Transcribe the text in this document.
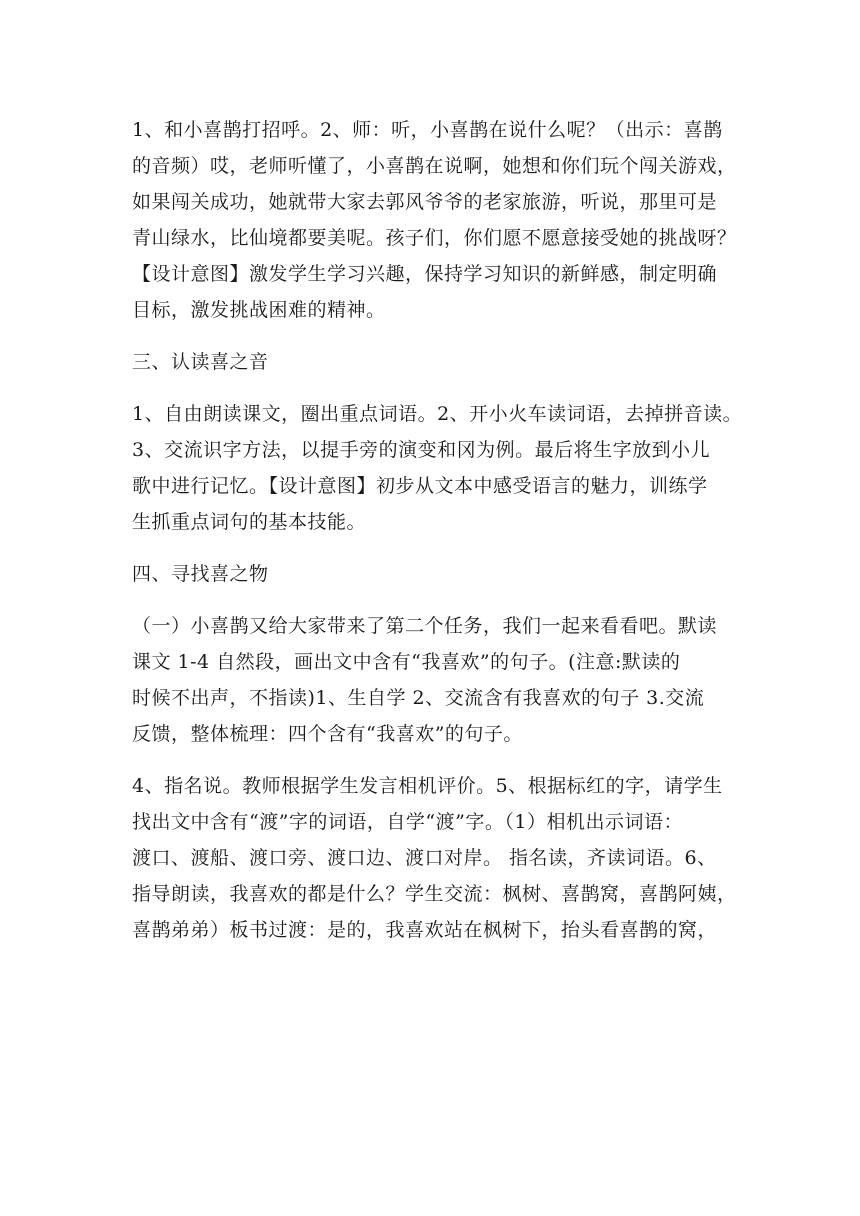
1、和小喜鹊打招呼。2、师：听，小喜鹊在说什么呢？（出示：喜鹊
的音频）哎，老师听懂了，小喜鹊在说啊，她想和你们玩个闯关游戏，
如果闯关成功，她就带大家去郭风爷爷的老家旅游，听说，那里可是
青山绿水，比仙境都要美呢。孩子们，你们愿不愿意接受她的挑战呀？
【设计意图】激发学生学习兴趣，保持学习知识的新鲜感，制定明确
目标，激发挑战困难的精神。
三、认读喜之音
1、自由朗读课文，圈出重点词语。2、开小火车读词语，去掉拼音读。
3、交流识字方法，以提手旁的演变和冈为例。最后将生字放到小儿
歌中进行记忆。【设计意图】初步从文本中感受语言的魅力，训练学
生抓重点词句的基本技能。
四、寻找喜之物
（一）小喜鹊又给大家带来了第二个任务，我们一起来看看吧。默读
课文 1-4 自然段，画出文中含有“我喜欢”的句子。(注意:默读的
时候不出声，不指读)1、生自学 2、交流含有我喜欢的句子 3.交流
反馈，整体梳理：四个含有“我喜欢”的句子。
4、指名说。教师根据学生发言相机评价。5、根据标红的字，请学生
找出文中含有“渡”字的词语，自学“渡”字。（1）相机出示词语：
渡口、渡船、渡口旁、渡口边、渡口对岸。 指名读，齐读词语。6、
指导朗读，我喜欢的都是什么？学生交流：枫树、喜鹊窝，喜鹊阿姨，
喜鹊弟弟）板书过渡：是的，我喜欢站在枫树下，抬头看喜鹊的窝，
